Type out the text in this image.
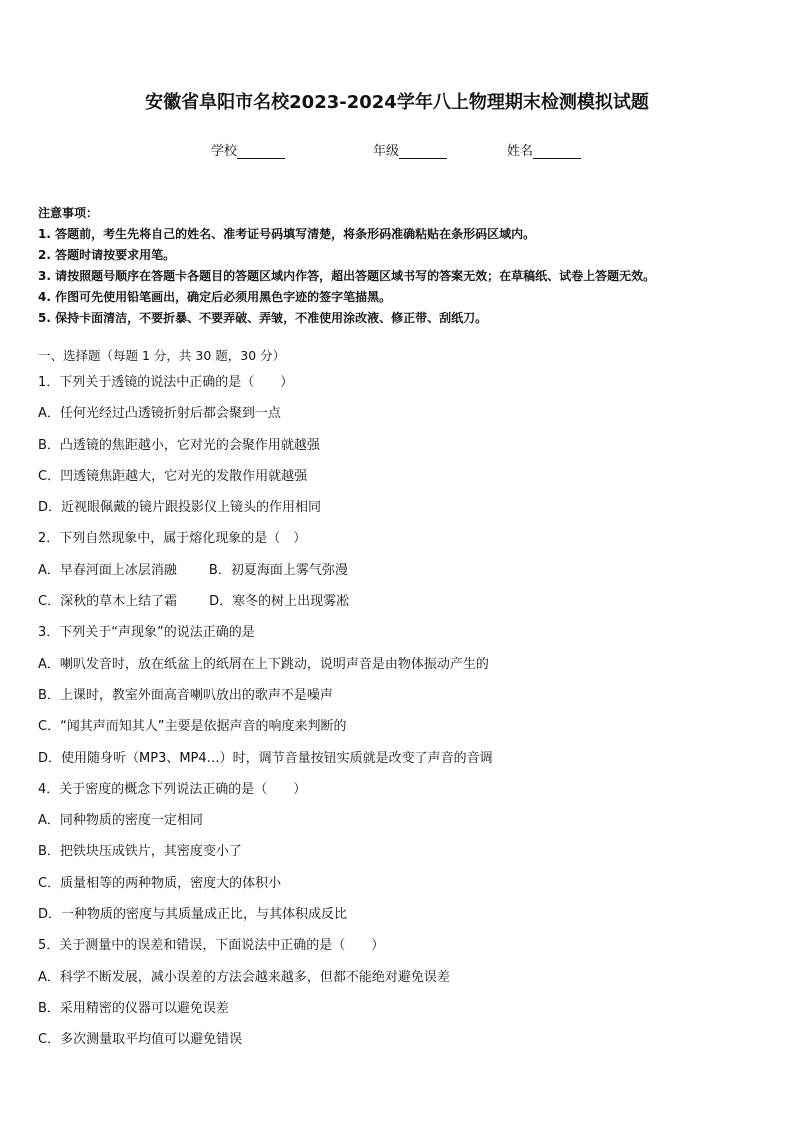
安徽省阜阳市名校2023-2024学年八上物理期末检测模拟试题
学校	年级	姓名
注意事项：
1. 答题前，考生先将自己的姓名、准考证号码填写清楚，将条形码准确粘贴在条形码区域内。
2. 答题时请按要求用笔。
3. 请按照题号顺序在答题卡各题目的答题区域内作答，超出答题区域书写的答案无效；在草稿纸、试卷上答题无效。
4. 作图可先使用铅笔画出，确定后必须用黑色字迹的签字笔描黑。
5. 保持卡面清洁，不要折暴、不要弄破、弄皱，不准使用涂改液、修正带、刮纸刀。
一、选择题（每题 1 分，共 30 题，30 分）
1．下列关于透镜的说法中正确的是（　　）
A．任何光经过凸透镜折射后都会聚到一点
B．凸透镜的焦距越小，它对光的会聚作用就越强
C．凹透镜焦距越大，它对光的发散作用就越强
D．近视眼佩戴的镜片跟投影仪上镜头的作用相同
2．下列自然现象中，属于熔化现象的是（　）
A．早春河面上冰层消融 B．初夏海面上雾气弥漫
C．深秋的草木上结了霜 D．寒冬的树上出现雾凇
3．下列关于“声现象”的说法正确的是
A．喇叭发音时，放在纸盆上的纸屑在上下跳动，说明声音是由物体振动产生的
B．上课时，教室外面高音喇叭放出的歌声不是噪声
C．“闻其声而知其人”主要是依据声音的响度来判断的
D．使用随身听（MP3、MP4…）时，调节音量按钮实质就是改变了声音的音调
4．关于密度的概念下列说法正确的是（　　）
A．同种物质的密度一定相同
B．把铁块压成铁片，其密度变小了
C．质量相等的两种物质，密度大的体积小
D．一种物质的密度与其质量成正比，与其体积成反比
5．关于测量中的误差和错误，下面说法中正确的是（　　）
A．科学不断发展，减小误差的方法会越来越多，但都不能绝对避免误差
B．采用精密的仪器可以避免误差
C．多次测量取平均值可以避免错误
